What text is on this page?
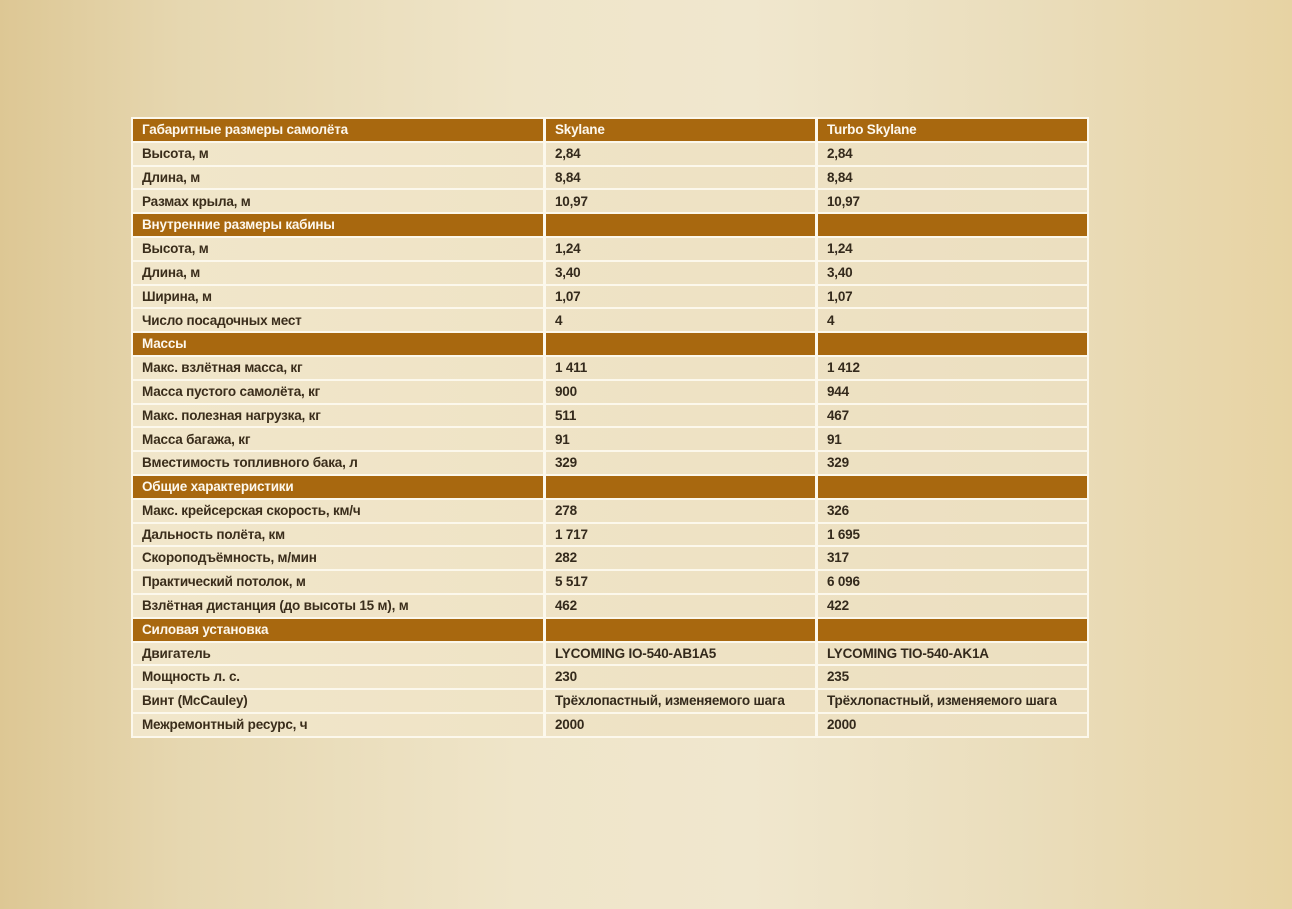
Габаритные размеры самолёта	Skylane	Turbo Skylane
Высота, м	2,84	2,84
Длина, м	8,84	8,84
Размах крыла, м	10,97	10,97
Внутренние размеры кабины		
Высота, м	1,24	1,24
Длина, м	3,40	3,40
Ширина, м	1,07	1,07
Число посадочных мест	4	4
Массы		
Макс. взлётная масса, кг	1 411	1 412
Масса пустого самолёта, кг	900	944
Макс. полезная нагрузка, кг	511	467
Масса багажа, кг	91	91
Вместимость топливного бака, л	329	329
Общие характеристики		
Макс. крейсерская скорость, км/ч	278	326
Дальность полёта, км	1 717	1 695
Скороподъёмность, м/мин	282	317
Практический потолок, м	5 517	6 096
Взлётная дистанция (до высоты 15 м), м	462	422
Силовая установка		
Двигатель	LYCOMING IO-540-AB1A5	LYCOMING TIO-540-AK1A
Мощность л. с.	230	235
Винт (McCauley)	Трёхлопастный, изменяемого шага	Трёхлопастный, изменяемого шага
Межремонтный ресурс, ч	2000	2000
